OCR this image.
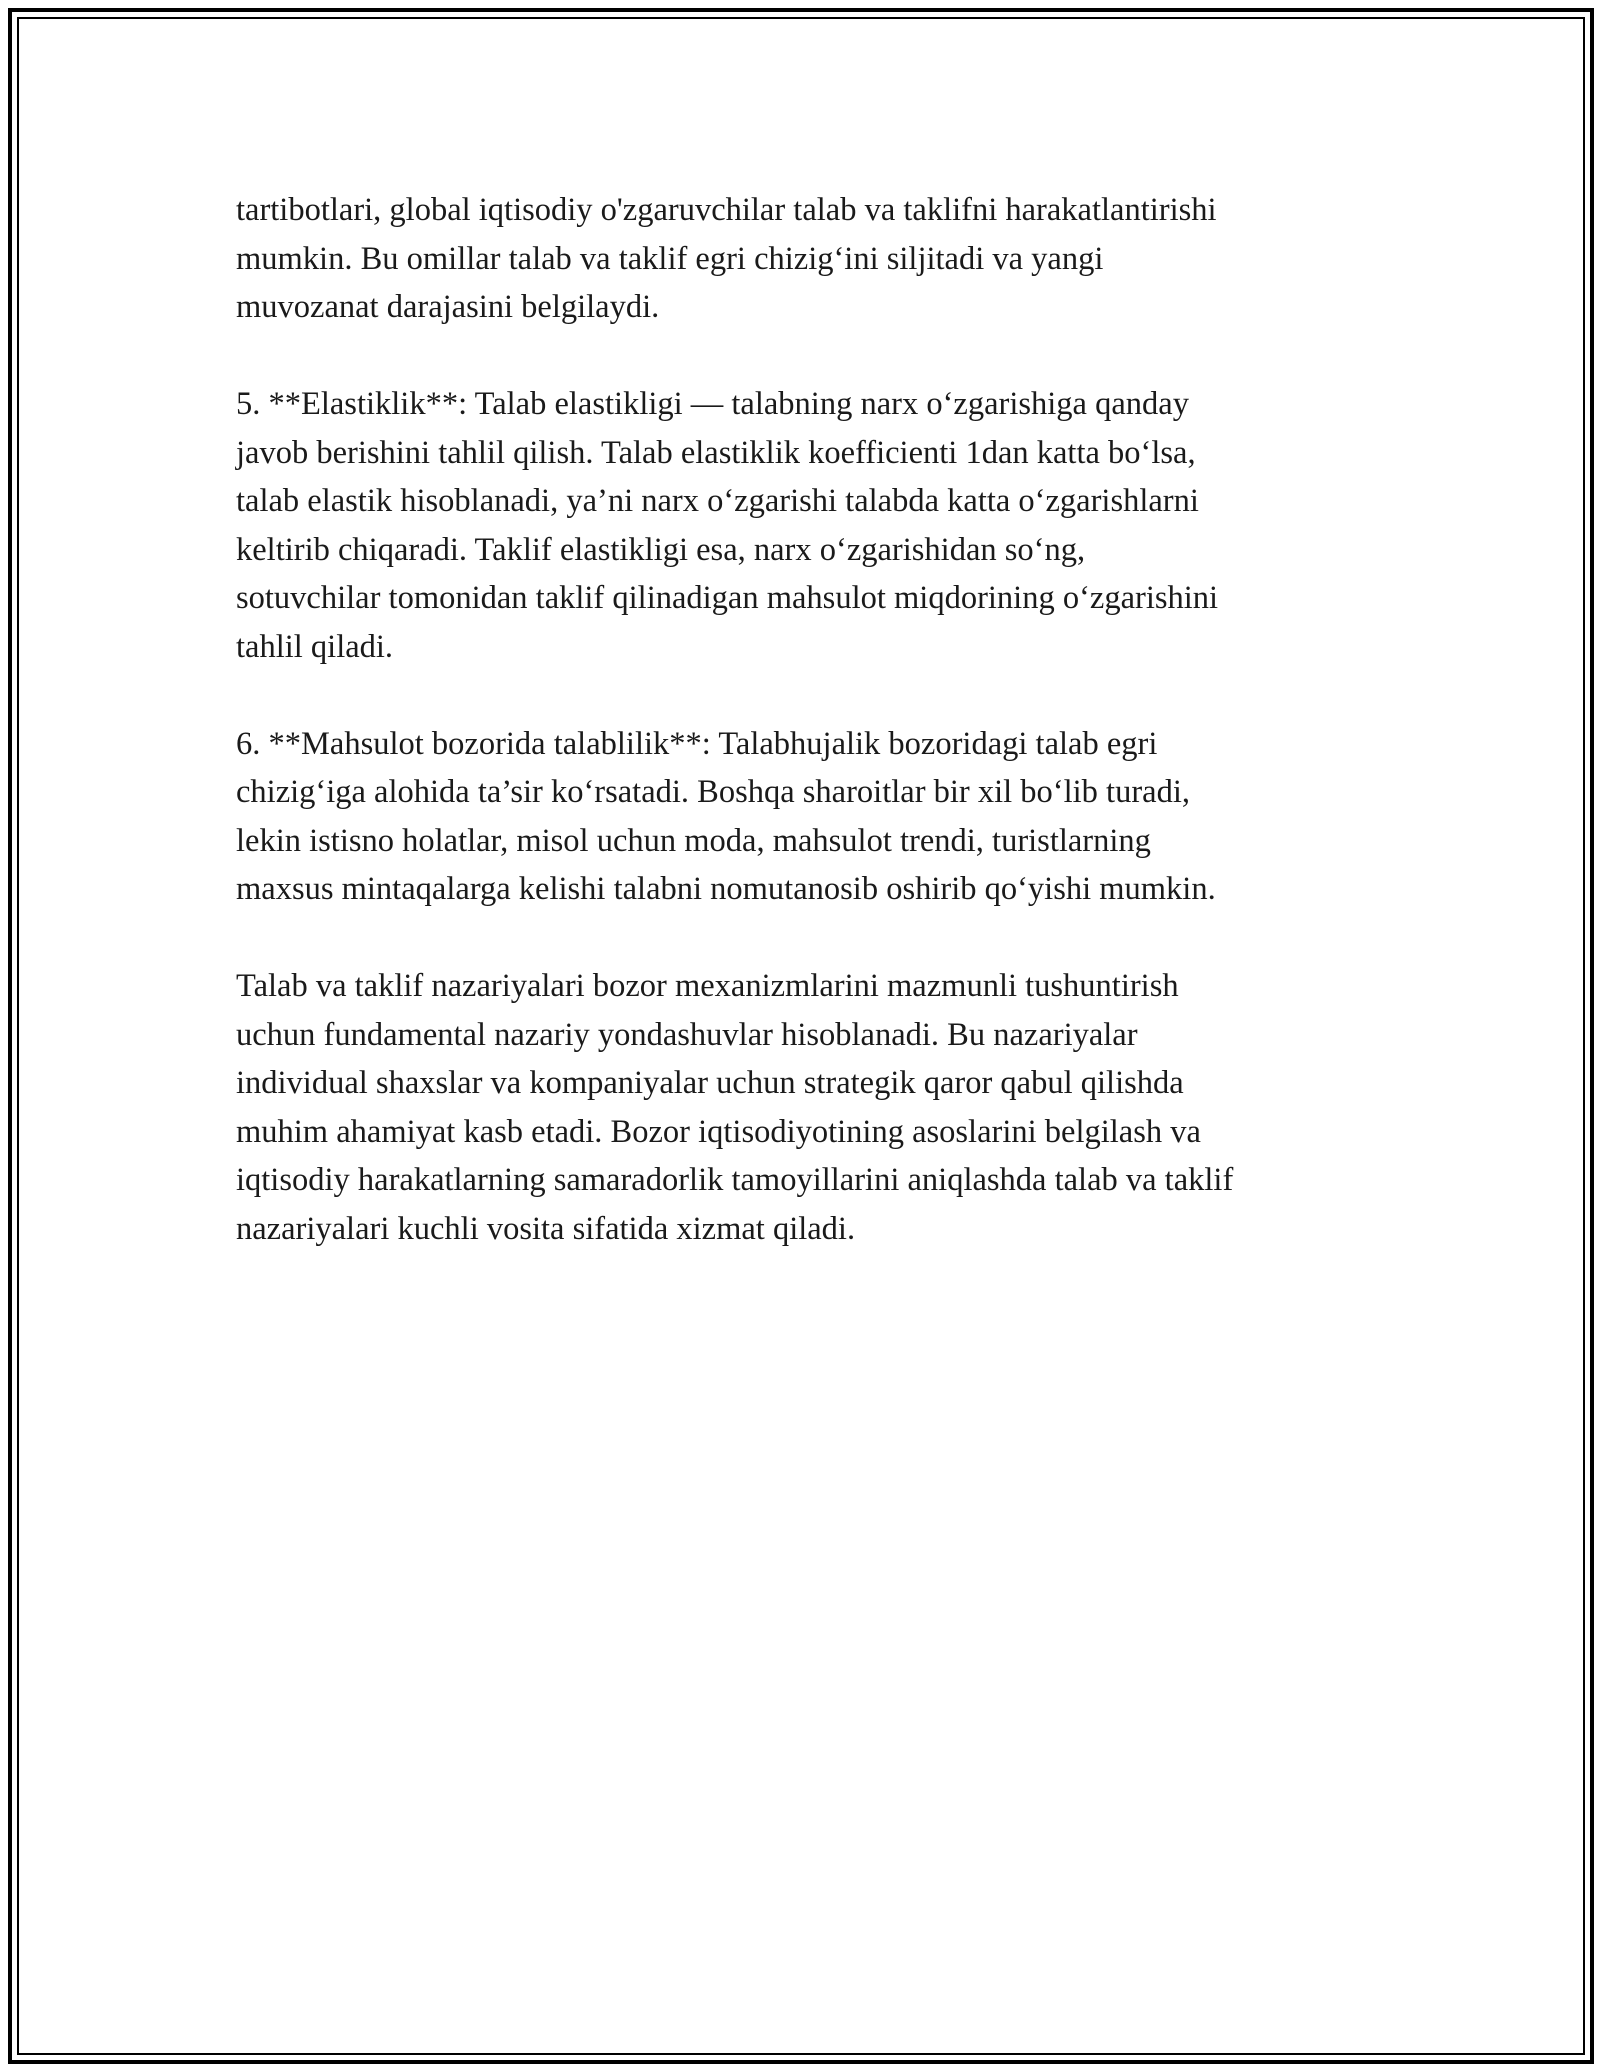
tartibotlari, global iqtisodiy o'zgaruvchilar talab va taklifni harakatlantirishi
mumkin. Bu omillar talab va taklif egri chizig‘ini siljitadi va yangi
muvozanat darajasini belgilaydi.

5. **Elastiklik**: Talab elastikligi — talabning narx o‘zgarishiga qanday
javob berishini tahlil qilish. Talab elastiklik koefficienti 1dan katta bo‘lsa,
talab elastik hisoblanadi, ya’ni narx o‘zgarishi talabda katta o‘zgarishlarni
keltirib chiqaradi. Taklif elastikligi esa, narx o‘zgarishidan so‘ng,
sotuvchilar tomonidan taklif qilinadigan mahsulot miqdorining o‘zgarishini
tahlil qiladi.

6. **Mahsulot bozorida talablilik**: Talabhujalik bozoridagi talab egri
chizig‘iga alohida ta’sir ko‘rsatadi. Boshqa sharoitlar bir xil bo‘lib turadi,
lekin istisno holatlar, misol uchun moda, mahsulot trendi, turistlarning
maxsus mintaqalarga kelishi talabni nomutanosib oshirib qo‘yishi mumkin.

Talab va taklif nazariyalari bozor mexanizmlarini mazmunli tushuntirish
uchun fundamental nazariy yondashuvlar hisoblanadi. Bu nazariyalar
individual shaxslar va kompaniyalar uchun strategik qaror qabul qilishda
muhim ahamiyat kasb etadi. Bozor iqtisodiyotining asoslarini belgilash va
iqtisodiy harakatlarning samaradorlik tamoyillarini aniqlashda talab va taklif
nazariyalari kuchli vosita sifatida xizmat qiladi.
